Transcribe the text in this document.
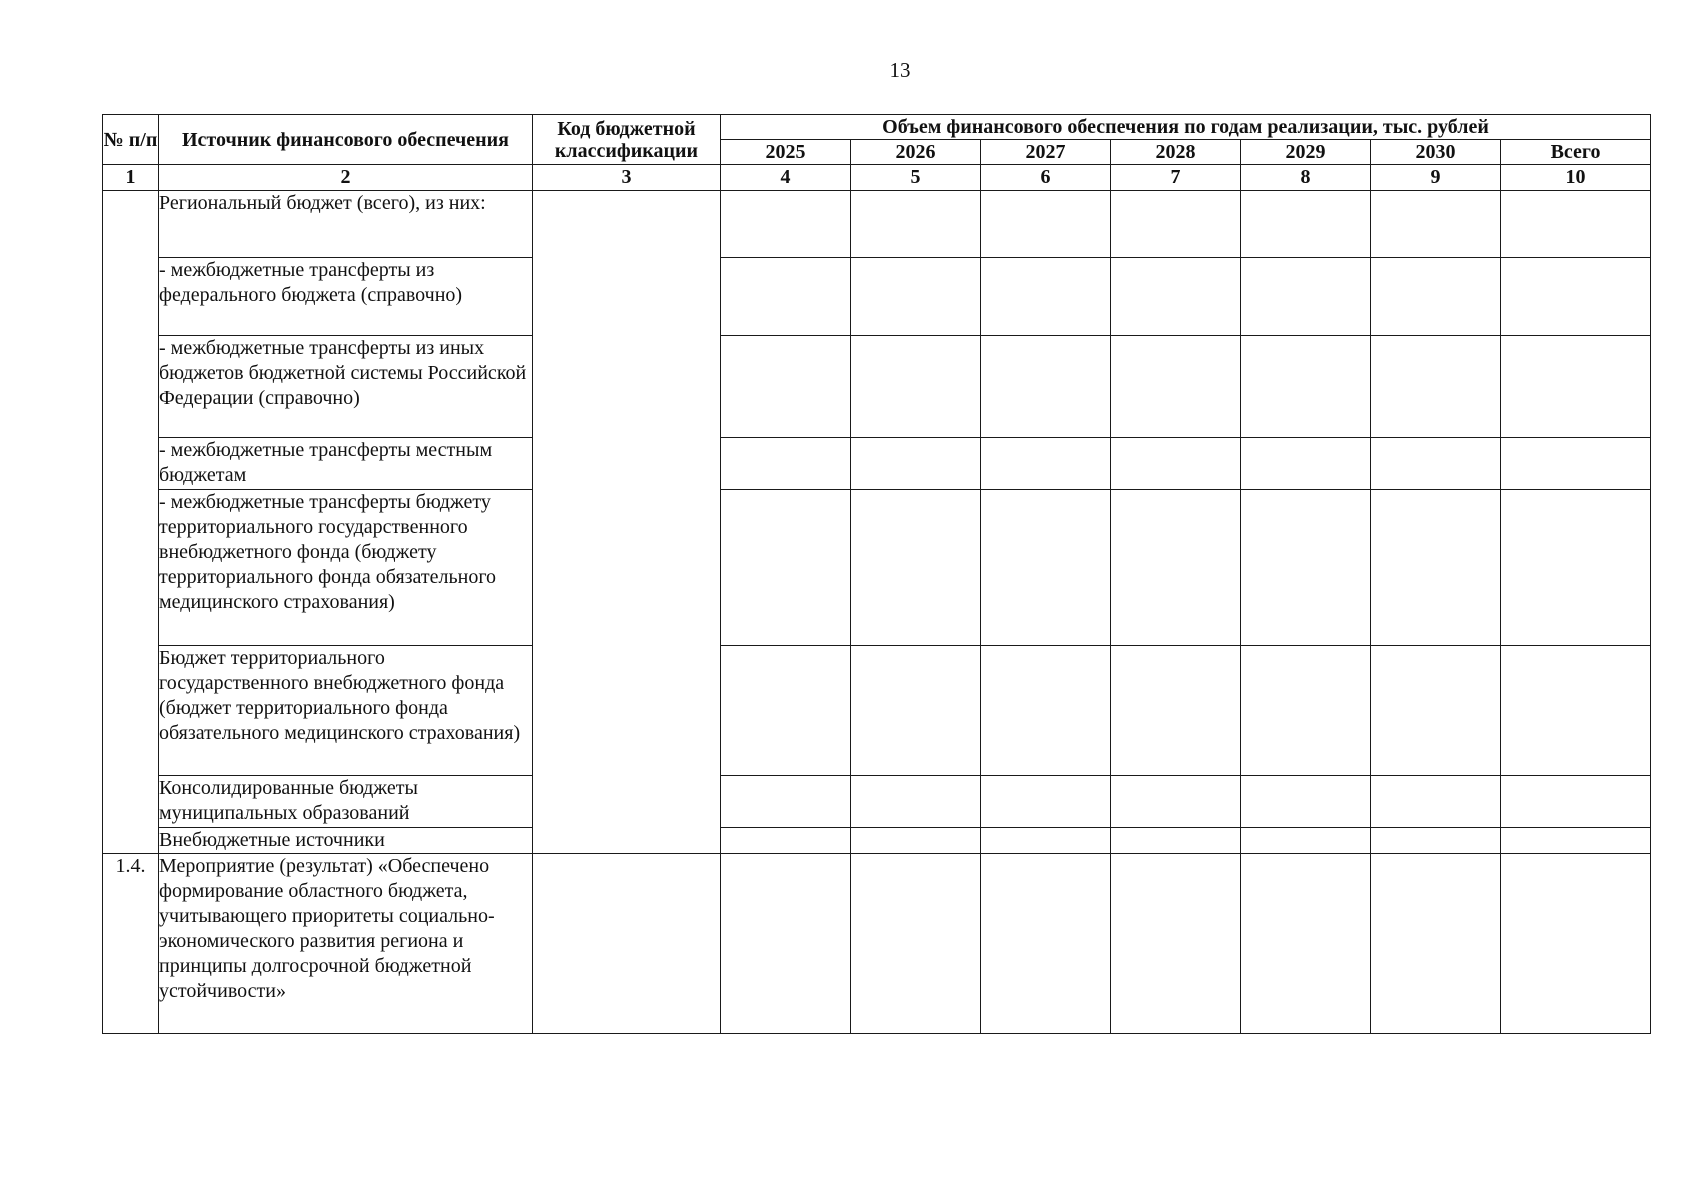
13
№ п/п	Источник финансового обеспечения	Код бюджетной классификации	Объем финансового обеспечения по годам реализации, тыс. рублей						
			2025	2026	2027	2028	2029	2030	Всего
1	2	3	4	5	6	7	8	9	10
	Региональный бюджет (всего), из них:								
	- межбюджетные трансферты из федерального бюджета (справочно)								
	- межбюджетные трансферты из иных бюджетов бюджетной системы Российской Федерации (справочно)								
	- межбюджетные трансферты местным бюджетам								
	- межбюджетные трансферты бюджету территориального государственного внебюджетного фонда (бюджету территориального фонда обязательного медицинского страхования)								
	Бюджет территориального государственного внебюджетного фонда (бюджет территориального фонда обязательного медицинского страхования)								
	Консолидированные бюджеты муниципальных образований								
	Внебюджетные источники								
1.4.	Мероприятие (результат) «Обеспечено формирование областного бюджета, учитывающего приоритеты социально-экономического развития региона и принципы долгосрочной бюджетной устойчивости»								
